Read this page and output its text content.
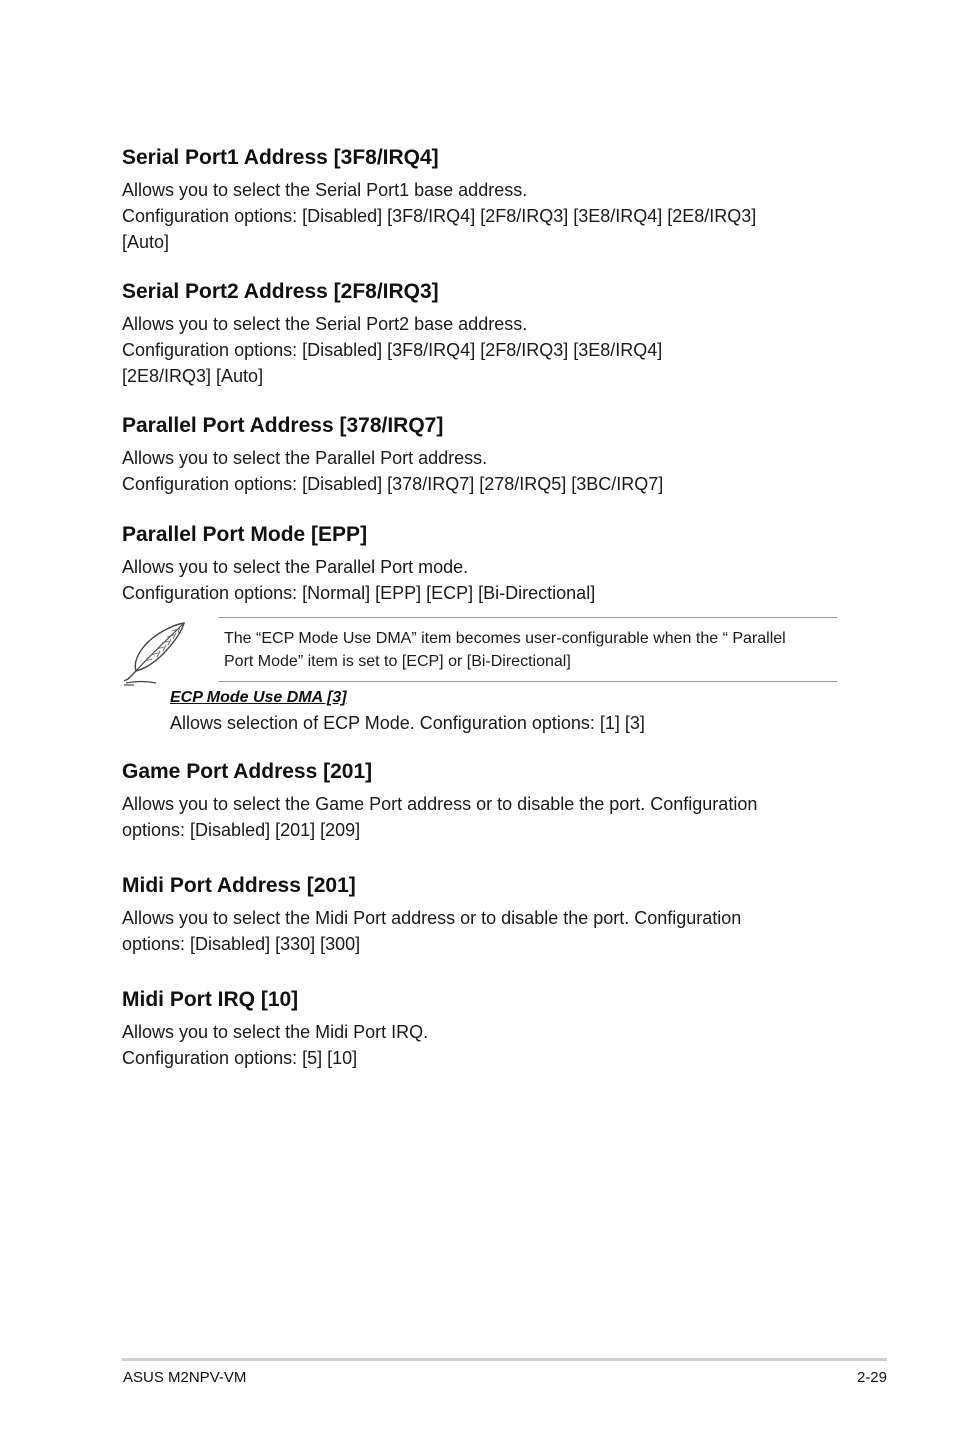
Serial Port1 Address [3F8/IRQ4]
Allows you to select the Serial Port1 base address.
Configuration options: [Disabled] [3F8/IRQ4] [2F8/IRQ3] [3E8/IRQ4] [2E8/IRQ3]
[Auto]
Serial Port2 Address [2F8/IRQ3]
Allows you to select the Serial Port2 base address.
Configuration options: [Disabled] [3F8/IRQ4] [2F8/IRQ3] [3E8/IRQ4]
[2E8/IRQ3] [Auto]
Parallel Port Address [378/IRQ7]
Allows you to select the Parallel Port address.
Configuration options: [Disabled] [378/IRQ7] [278/IRQ5] [3BC/IRQ7]
Parallel Port Mode [EPP]
Allows you to select the Parallel Port mode.
Configuration options: [Normal] [EPP] [ECP] [Bi-Directional]
The “ECP Mode Use DMA” item becomes user-configurable when the “ Parallel
Port Mode” item is set to [ECP] or [Bi-Directional]
ECP Mode Use DMA [3]
Allows selection of ECP Mode. Configuration options: [1] [3]
Game Port Address [201]
Allows you to select the Game Port address or to disable the port. Configuration
options: [Disabled] [201] [209]
Midi Port Address [201]
Allows you to select the Midi Port address or to disable the port. Configuration
options: [Disabled] [330] [300]
Midi Port IRQ [10]
Allows you to select the Midi Port IRQ.
Configuration options: [5] [10]
ASUS M2NPV-VM	2-29
